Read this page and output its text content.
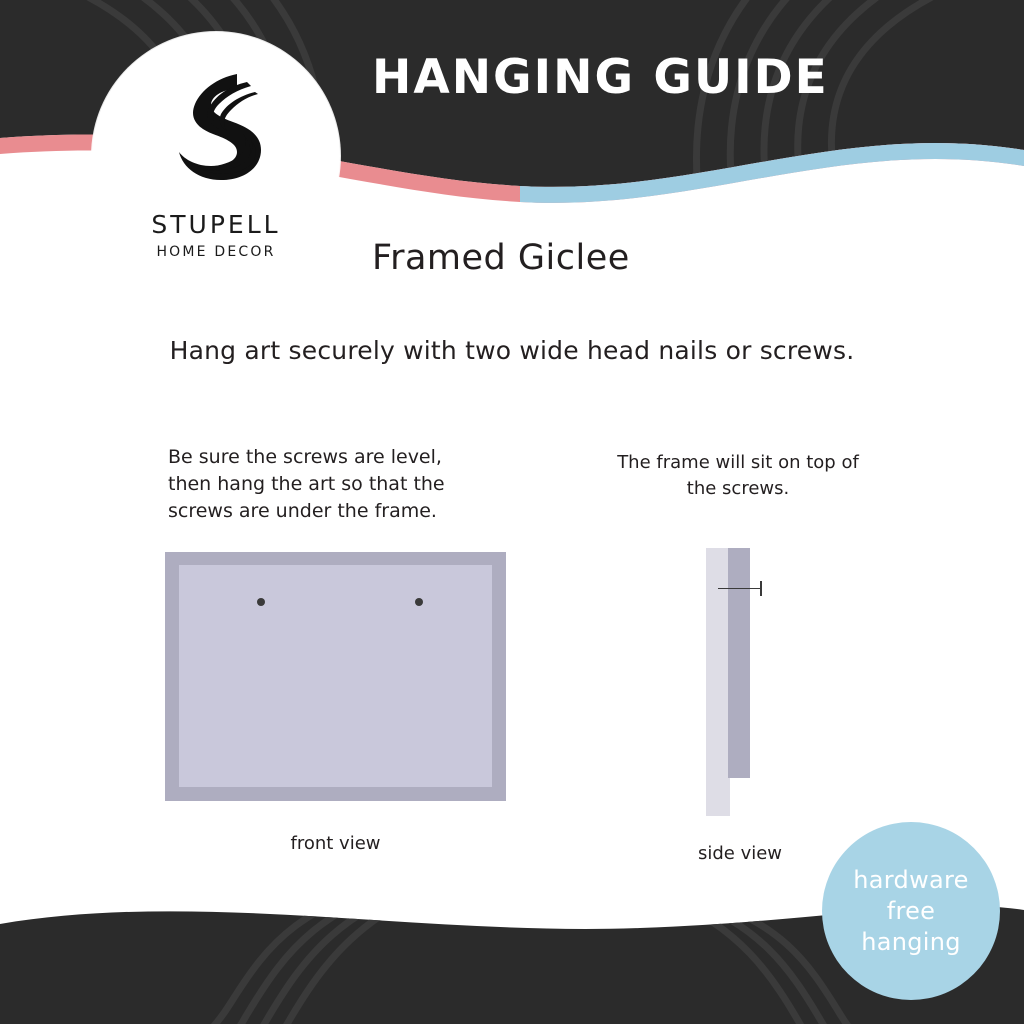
STUPELL
HOME DECOR
HANGING GUIDE
Framed Giclee
Hang art securely with two wide head nails or screws.
Be sure the screws are level, then hang the art so that the screws are under the frame.
The frame will sit on top of the screws.
front view	side view
hardware
free
hanging
